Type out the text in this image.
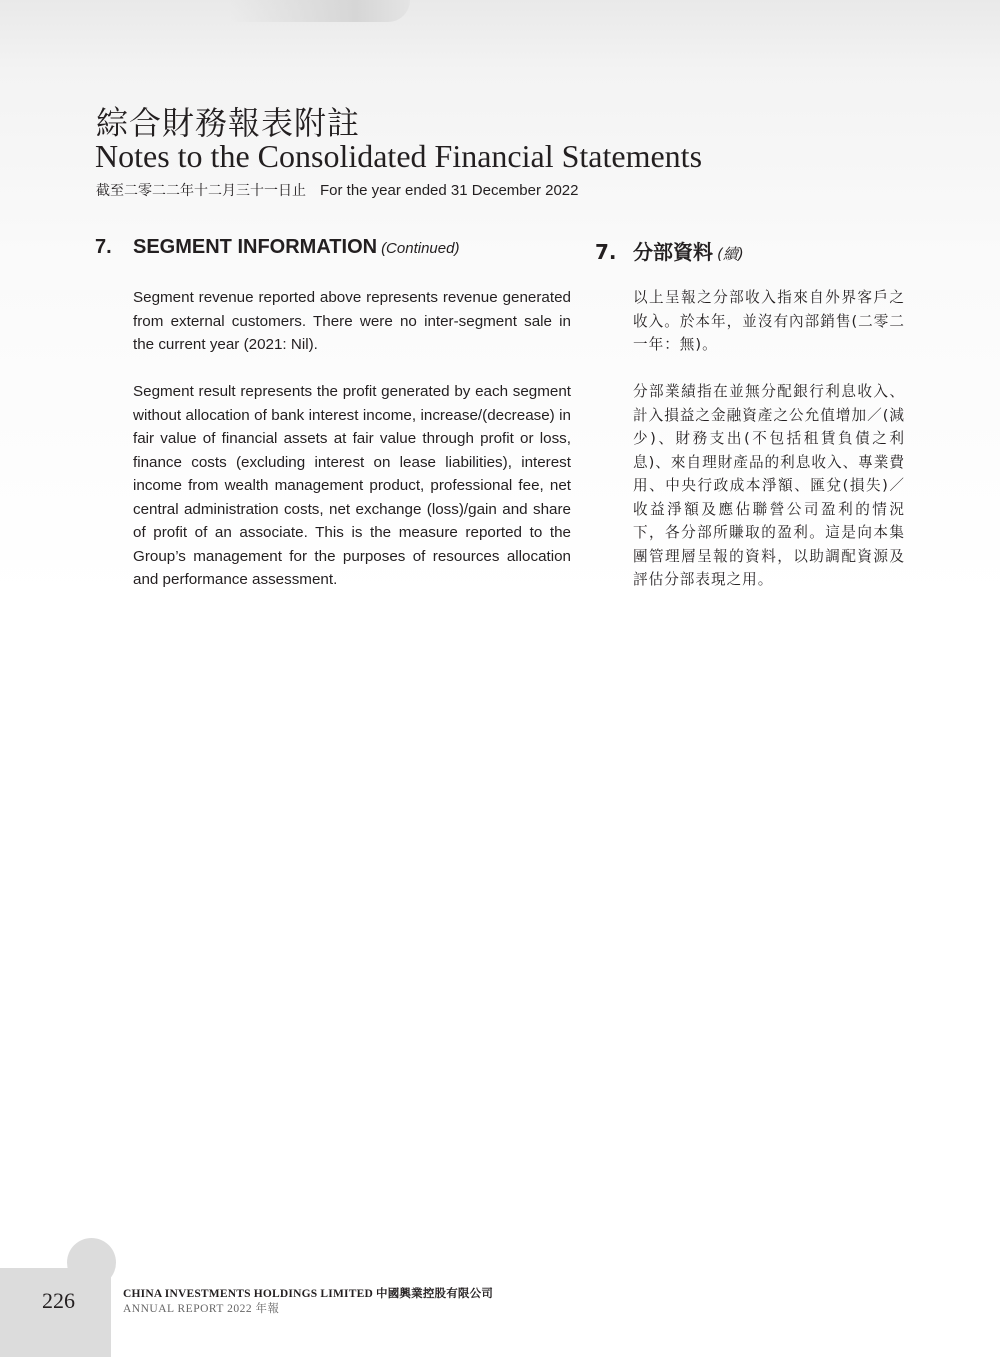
綜合財務報表附註
Notes to the Consolidated Financial Statements
截至二零二二年十二月三十一日止 For the year ended 31 December 2022
7. SEGMENT INFORMATION (Continued)	7. 分部資料 (續)

Segment revenue reported above represents revenue generated from external customers. There were no inter-segment sale in the current year (2021: Nil).

Segment result represents the profit generated by each segment without allocation of bank interest income, increase/(decrease) in fair value of financial assets at fair value through profit or loss, finance costs (excluding interest on lease liabilities), interest income from wealth management product, professional fee, net central administration costs, net exchange (loss)/gain and share of profit of an associate. This is the measure reported to the Group’s management for the purposes of resources allocation and performance assessment.

以上呈報之分部收入指來自外界客戶之收入。於本年，並沒有內部銷售(二零二一年：無)。

分部業績指在並無分配銀行利息收入、計入損益之金融資產之公允值增加／(減少)、財務支出(不包括租賃負債之利息)、來自理財產品的利息收入、專業費用、中央行政成本淨額、匯兌(損失)／收益淨額及應佔聯營公司盈利的情況下，各分部所賺取的盈利。這是向本集團管理層呈報的資料，以助調配資源及評估分部表現之用。

226	CHINA INVESTMENTS HOLDINGS LIMITED 中國興業控股有限公司
ANNUAL REPORT 2022 年報
